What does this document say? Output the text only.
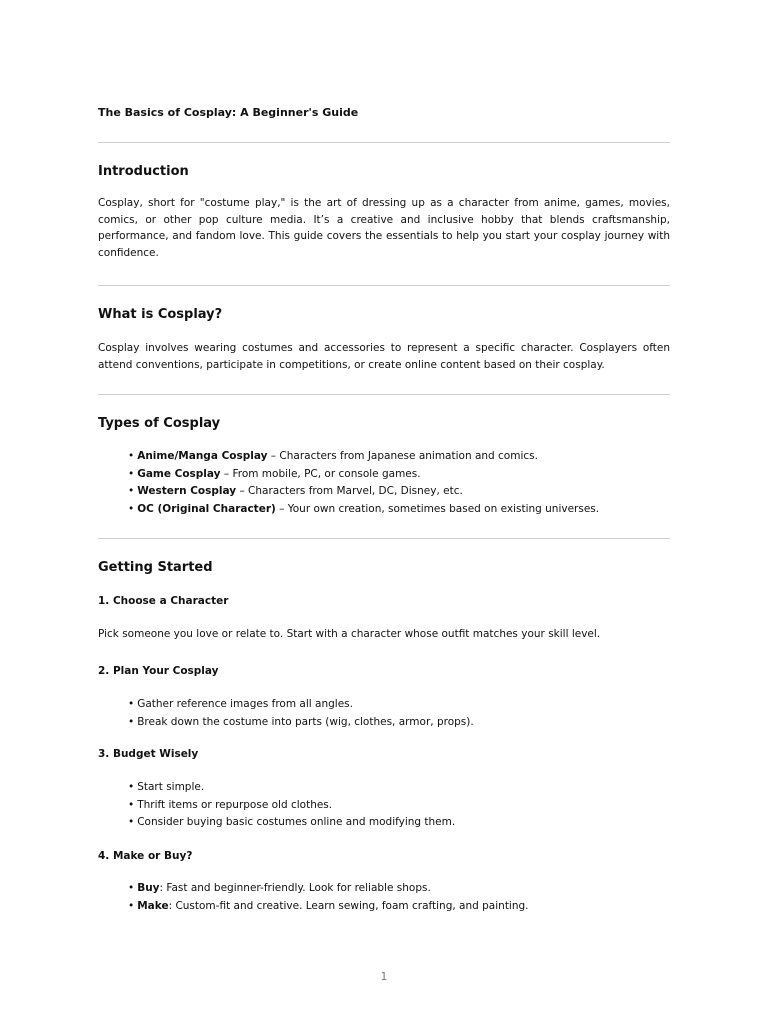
The Basics of Cosplay: A Beginner's Guide
Introduction
Cosplay, short for "costume play," is the art of dressing up as a character from anime, games, movies, comics, or other pop culture media. It’s a creative and inclusive hobby that blends craftsmanship, performance, and fandom love. This guide covers the essentials to help you start your cosplay journey with confidence.
What is Cosplay?
Cosplay involves wearing costumes and accessories to represent a specific character. Cosplayers often attend conventions, participate in competitions, or create online content based on their cosplay.
Types of Cosplay
• Anime/Manga Cosplay – Characters from Japanese animation and comics.
• Game Cosplay – From mobile, PC, or console games.
• Western Cosplay – Characters from Marvel, DC, Disney, etc.
• OC (Original Character) – Your own creation, sometimes based on existing universes.
Getting Started
1. Choose a Character
Pick someone you love or relate to. Start with a character whose outfit matches your skill level.
2. Plan Your Cosplay
• Gather reference images from all angles.
• Break down the costume into parts (wig, clothes, armor, props).
3. Budget Wisely
• Start simple.
• Thrift items or repurpose old clothes.
• Consider buying basic costumes online and modifying them.
4. Make or Buy?
• Buy: Fast and beginner-friendly. Look for reliable shops.
• Make: Custom-fit and creative. Learn sewing, foam crafting, and painting.
1
